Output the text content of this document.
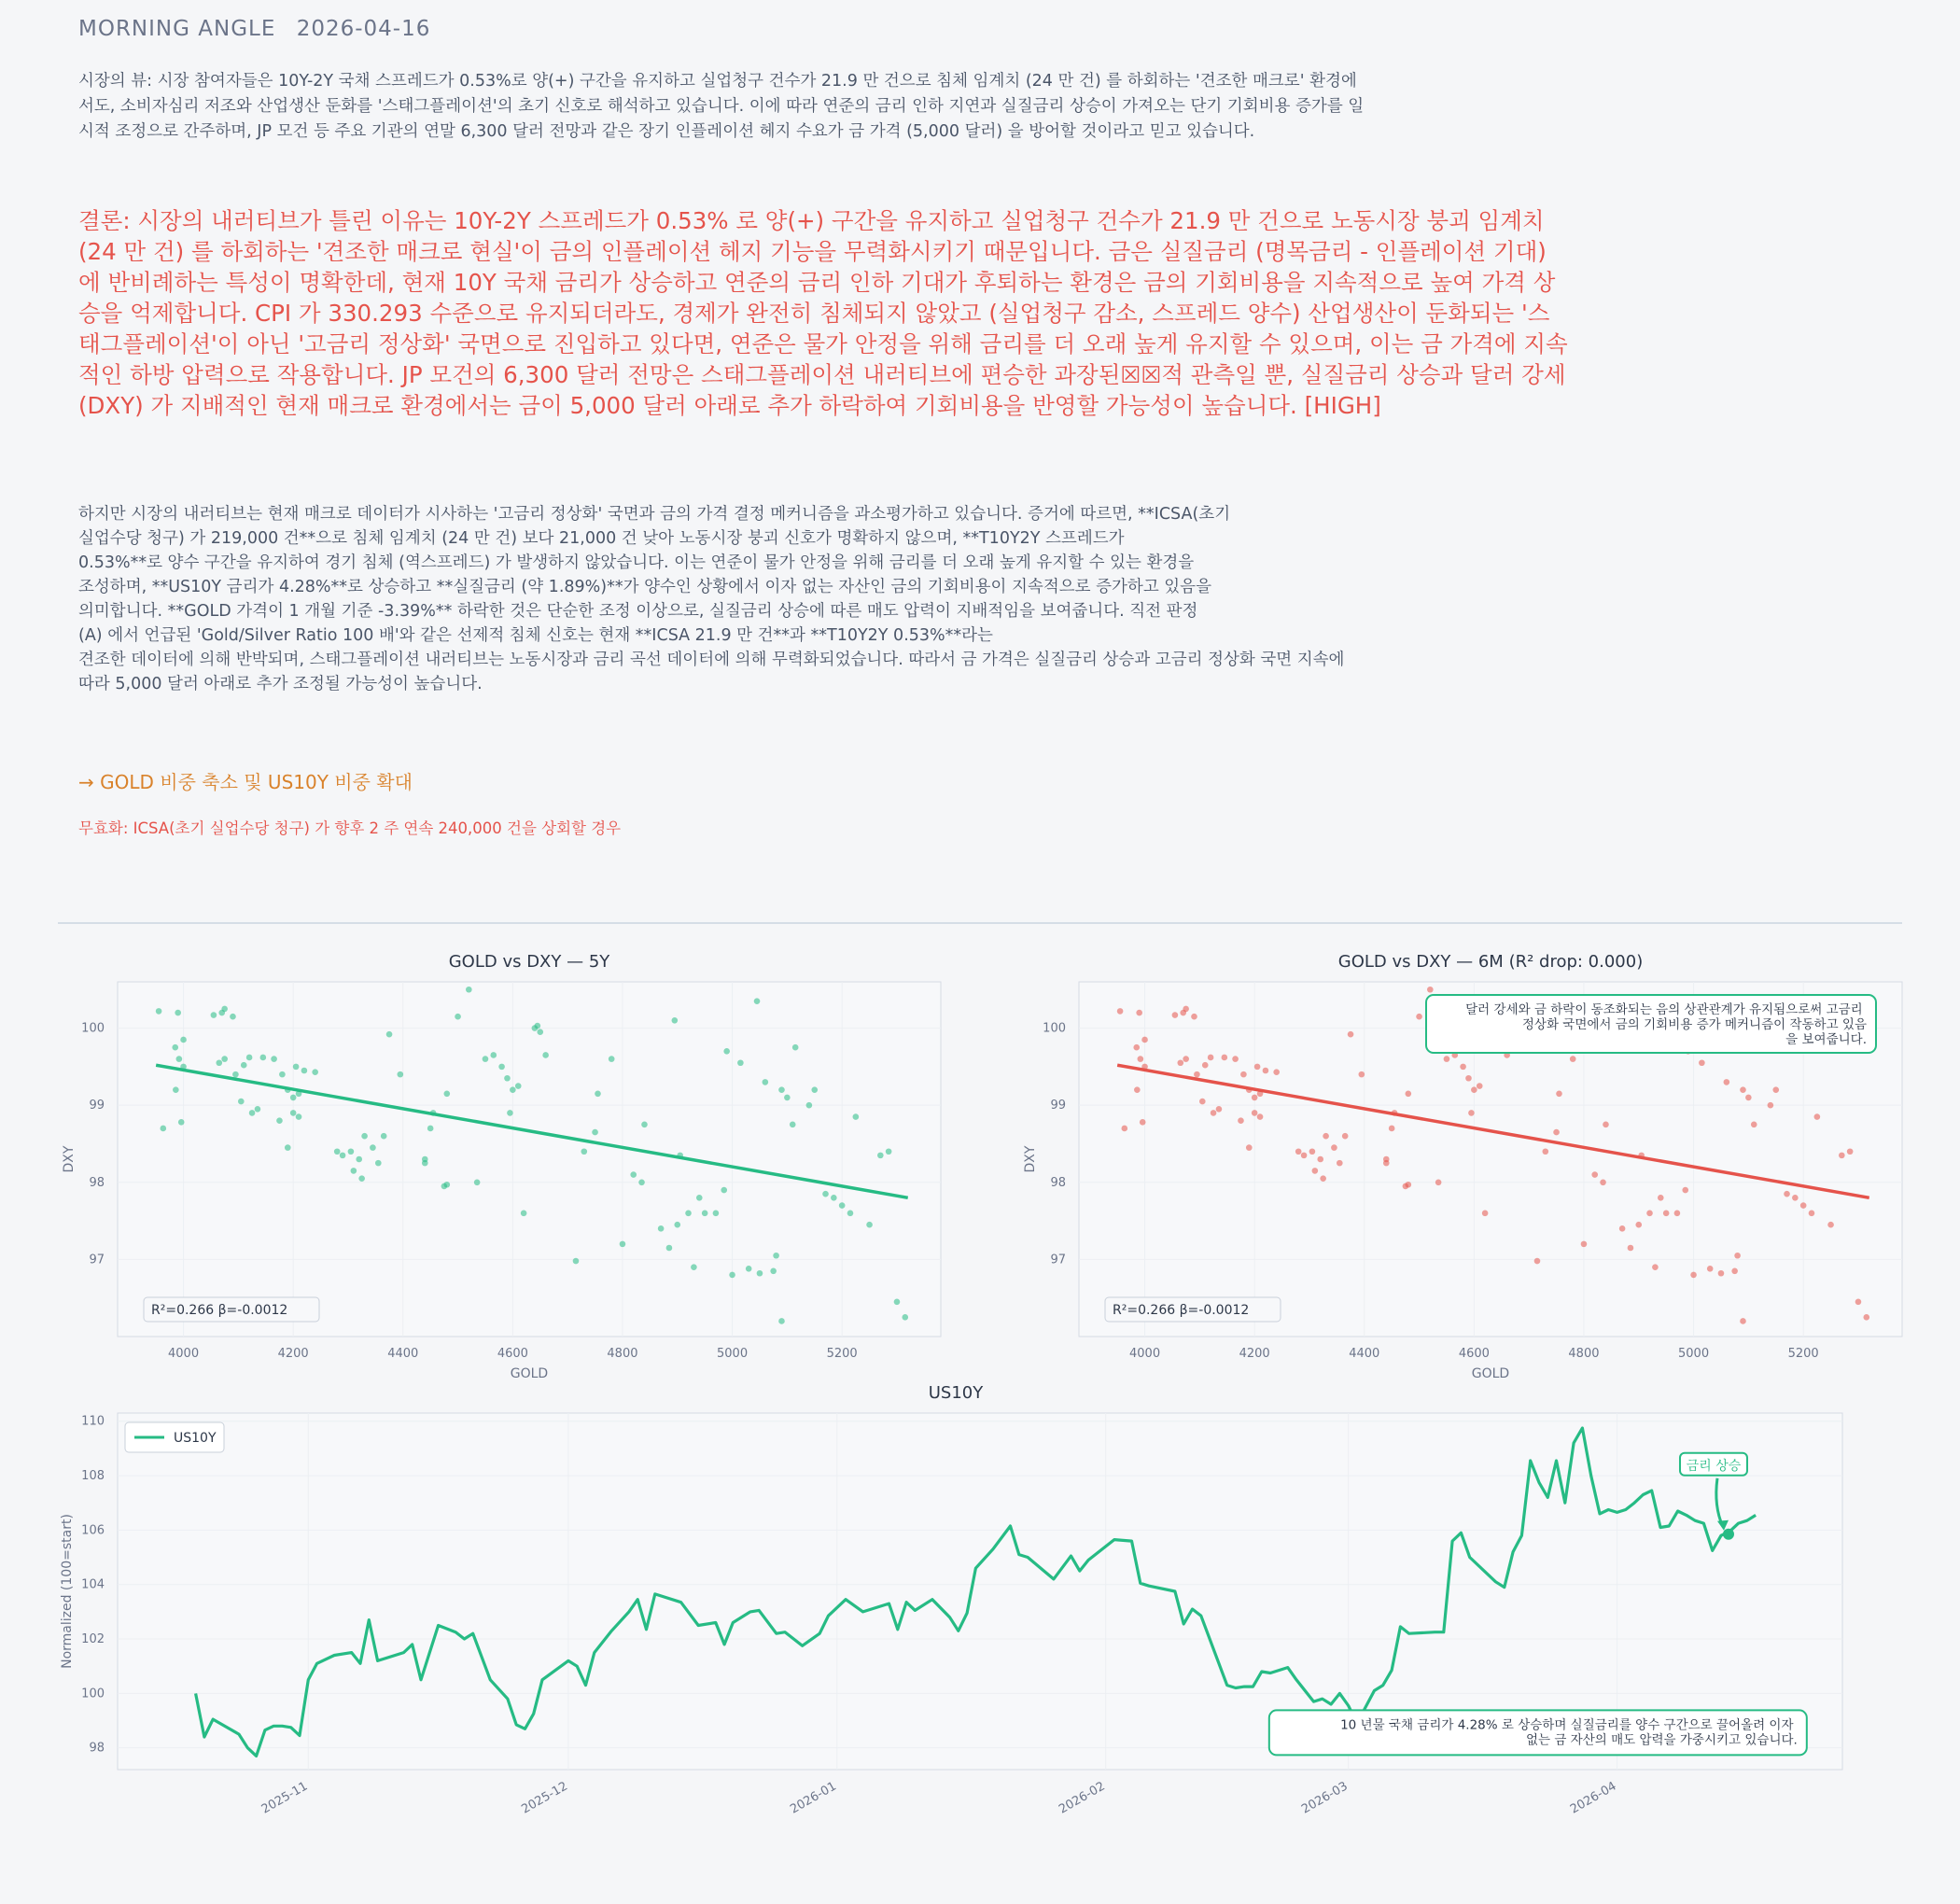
MORNING ANGLE 2026-04-16
시장의 뷰: 시장 참여자들은 10Y-2Y 국채 스프레드가 0.53%로 양(+) 구간을 유지하고 실업청구 건수가 21.9 만 건으로 침체 임계치 (24 만 건) 를 하회하는 '견조한 매크로' 환경에서도, 소비자심리 저조와 산업생산 둔화를 '스태그플레이션'의 초기 신호로 해석하고 있습니다. 이에 따라 연준의 금리 인하 지연과 실질금리 상승이 가져오는 단기 기회비용 증가를 일시적 조정으로 간주하며, JP 모건 등 주요 기관의 연말 6,300 달러 전망과 같은 장기 인플레이션 헤지 수요가 금 가격 (5,000 달러) 을 방어할 것이라고 믿고 있습니다.
결론: 시장의 내러티브가 틀린 이유는 10Y-2Y 스프레드가 0.53% 로 양(+) 구간을 유지하고 실업청구 건수가 21.9 만 건으로 노동시장 붕괴 임계치 (24 만 건) 를 하회하는 '견조한 매크로 현실'이 금의 인플레이션 헤지 기능을 무력화시키기 때문입니다. 금은 실질금리 (명목금리 - 인플레이션 기대) 에 반비례하는 특성이 명확한데, 현재 10Y 국채 금리가 상승하고 연준의 금리 인하 기대가 후퇴하는 환경은 금의 기회비용을 지속적으로 높여 가격 상승을 억제합니다. CPI 가 330.293 수준으로 유지되더라도, 경제가 완전히 침체되지 않았고 (실업청구 감소, 스프레드 양수) 산업생산이 둔화되는 '스태그플레이션'이 아닌 '고금리 정상화' 국면으로 진입하고 있다면, 연준은 물가 안정을 위해 금리를 더 오래 높게 유지할 수 있으며, 이는 금 가격에 지속적인 하방 압력으로 작용합니다. JP 모건의 6,300 달러 전망은 스태그플레이션 내러티브에 편승한 과장된☒☒적 관측일 뿐, 실질금리 상승과 달러 강세 (DXY) 가 지배적인 현재 매크로 환경에서는 금이 5,000 달러 아래로 추가 하락하여 기회비용을 반영할 가능성이 높습니다. [HIGH]
하지만 시장의 내러티브는 현재 매크로 데이터가 시사하는 '고금리 정상화' 국면과 금의 가격 결정 메커니즘을 과소평가하고 있습니다. 증거에 따르면, **ICSA(초기
실업수당 청구) 가 219,000 건**으로 침체 임계치 (24 만 건) 보다 21,000 건 낮아 노동시장 붕괴 신호가 명확하지 않으며, **T10Y2Y 스프레드가
0.53%**로 양수 구간을 유지하여 경기 침체 (역스프레드) 가 발생하지 않았습니다. 이는 연준이 물가 안정을 위해 금리를 더 오래 높게 유지할 수 있는 환경을
조성하며, **US10Y 금리가 4.28%**로 상승하고 **실질금리 (약 1.89%)**가 양수인 상황에서 이자 없는 자산인 금의 기회비용이 지속적으로 증가하고 있음을
의미합니다. **GOLD 가격이 1 개월 기준 -3.39%** 하락한 것은 단순한 조정 이상으로, 실질금리 상승에 따른 매도 압력이 지배적임을 보여줍니다. 직전 판정
(A) 에서 언급된 'Gold/Silver Ratio 100 배'와 같은 선제적 침체 신호는 현재 **ICSA 21.9 만 건**과 **T10Y2Y 0.53%**라는
견조한 데이터에 의해 반박되며, 스태그플레이션 내러티브는 노동시장과 금리 곡선 데이터에 의해 무력화되었습니다. 따라서 금 가격은 실질금리 상승과 고금리 정상화 국면 지속에
따라 5,000 달러 아래로 추가 조정될 가능성이 높습니다.
→ GOLD 비중 축소 및 US10Y 비중 확대
무효화: ICSA(초기 실업수당 청구) 가 향후 2 주 연속 240,000 건을 상회할 경우
4000	4200	4400	4600	4800	5000	5200
97
98
99
100
GOLD vs DXY — 5Y
GOLD
DXY
R²=0.266 β=-0.0012
4000	4200	4400	4600	4800	5000	5200
97
98
99
100
GOLD vs DXY — 6M (R² drop: 0.000)
GOLD
DXY
R²=0.266 β=-0.0012
달러 강세와 금 하락이 동조화되는 음의 상관관계가 유지됨으로써 고금리 정상화 국면에서 금의 기회비용 증가 메커니즘이 작동하고 있음 을 보여줍니다.
2025-11	2025-12	2026-01	2026-02	2026-03	2026-04
98
100
102
104
106
108
110
US10Y
Normalized (100=start)
US10Y
금리 상승
10 년물 국채 금리가 4.28% 로 상승하며 실질금리를 양수 구간으로 끌어올려 이자 없는 금 자산의 매도 압력을 가중시키고 있습니다.
